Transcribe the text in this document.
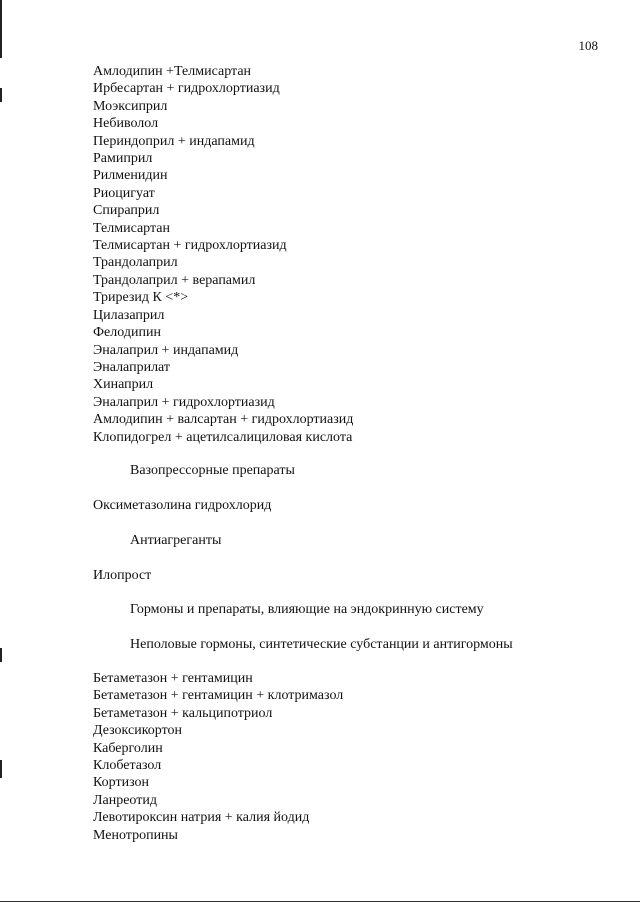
108
Амлодипин +Телмисартан
Ирбесартан + гидрохлортиазид
Моэксиприл
Небиволол
Периндоприл + индапамид
Рамиприл
Рилменидин
Риоцигуат
Спираприл
Телмисартан
Телмисартан + гидрохлортиазид
Трандолаприл
Трандолаприл + верапамил
Трирезид К <*>
Цилазаприл
Фелодипин
Эналаприл + индапамид
Эналаприлат
Хинаприл
Эналаприл + гидрохлортиазид
Амлодипин + валсартан + гидрохлортиазид
Клопидогрел + ацетилсалициловая кислота
Вазопрессорные препараты
Оксиметазолина гидрохлорид
Антиагреганты
Илопрост
Гормоны и препараты, влияющие на эндокринную систему
Неполовые гормоны, синтетические субстанции и антигормоны
Бетаметазон + гентамицин
Бетаметазон + гентамицин + клотримазол
Бетаметазон + кальципотриол
Дезоксикортон
Каберголин
Клобетазол
Кортизон
Ланреотид
Левотироксин натрия + калия йодид
Менотропины
